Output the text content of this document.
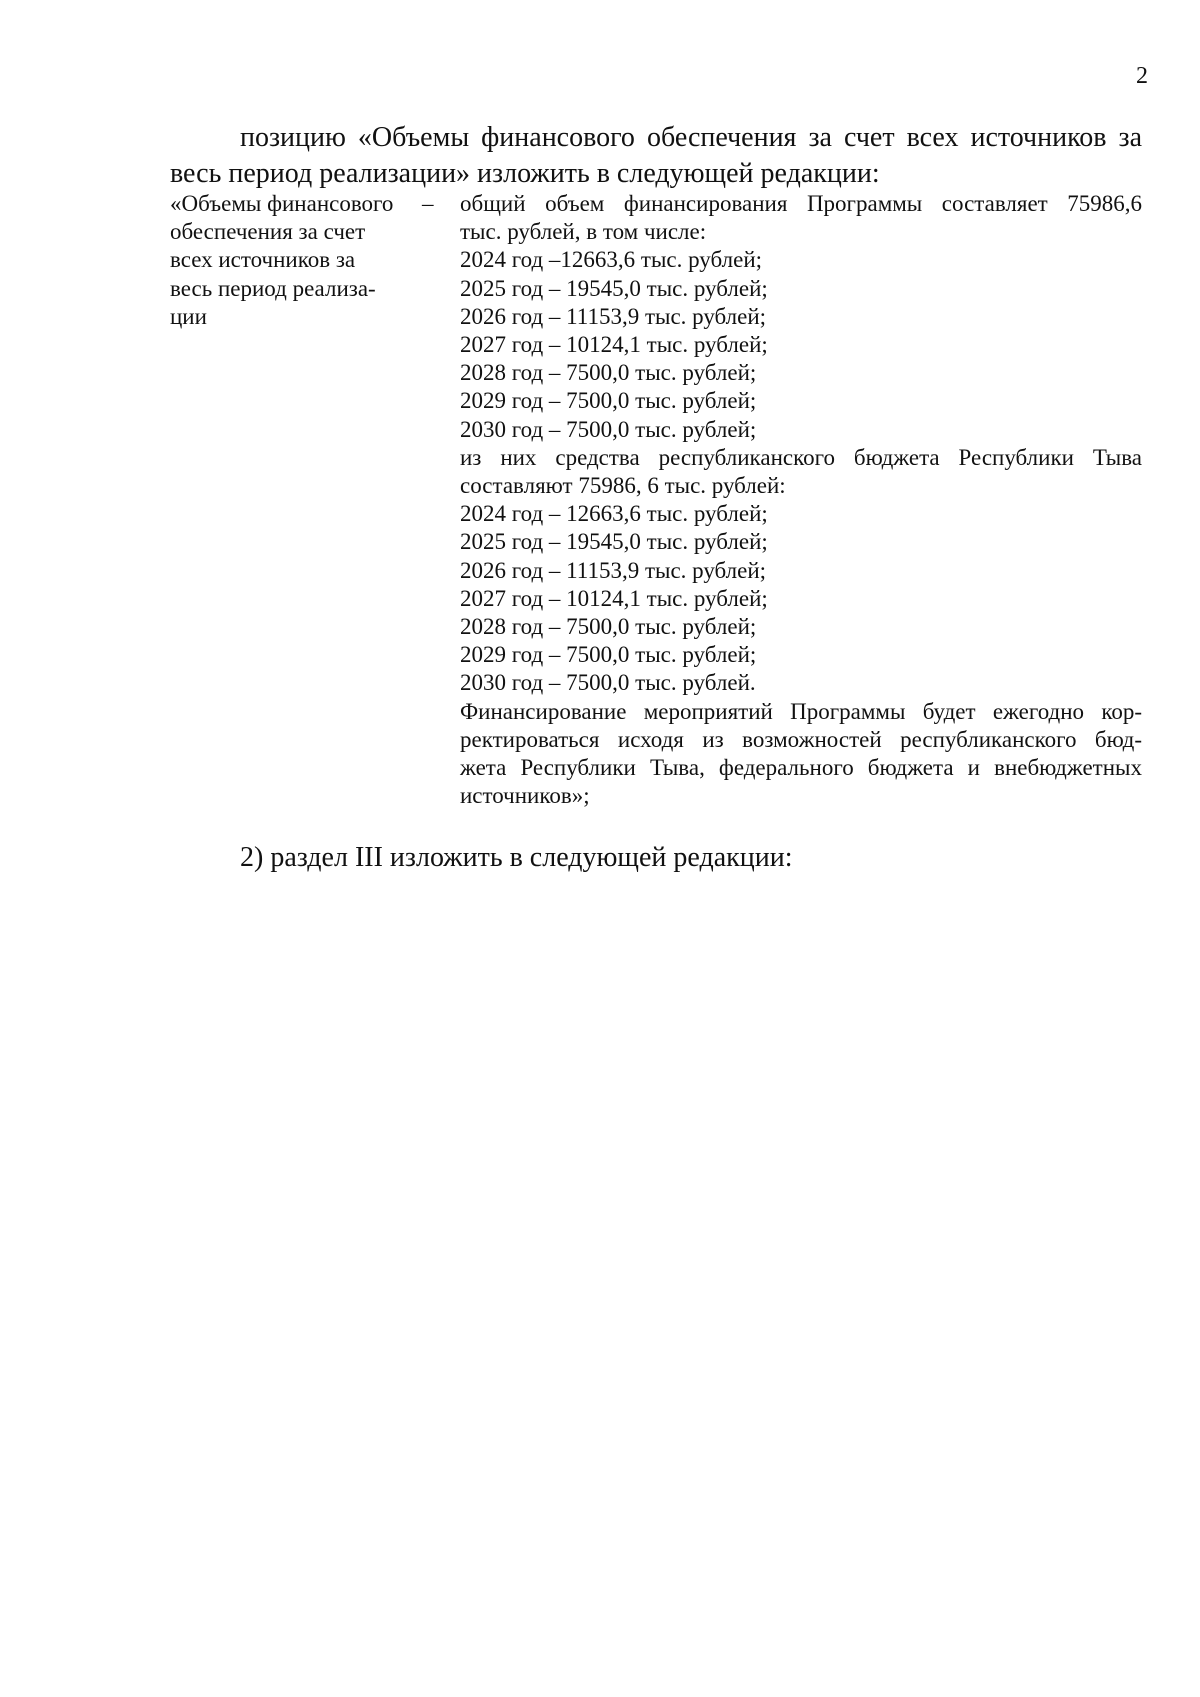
2

позицию «Объемы финансового обеспечения за счет всех источников за
весь период реализации» изложить в следующей редакции:

«Объемы финансового
обеспечения за счет
всех источников за
весь период реализа-
ции
– общий объем финансирования Программы составляет 75986,6
тыс. рублей, в том числе:
2024 год –12663,6 тыс. рублей;
2025 год – 19545,0 тыс. рублей;
2026 год – 11153,9 тыс. рублей;
2027 год – 10124,1 тыс. рублей;
2028 год – 7500,0 тыс. рублей;
2029 год – 7500,0 тыс. рублей;
2030 год – 7500,0 тыс. рублей;
из них средства республиканского бюджета Республики Тыва
составляют 75986, 6 тыс. рублей:
2024 год – 12663,6 тыс. рублей;
2025 год – 19545,0 тыс. рублей;
2026 год – 11153,9 тыс. рублей;
2027 год – 10124,1 тыс. рублей;
2028 год – 7500,0 тыс. рублей;
2029 год – 7500,0 тыс. рублей;
2030 год – 7500,0 тыс. рублей.
Финансирование мероприятий Программы будет ежегодно кор-
ректироваться исходя из возможностей республиканского бюд-
жета Республики Тыва, федерального бюджета и внебюджетных
источников»;
2) раздел III изложить в следующей редакции:
